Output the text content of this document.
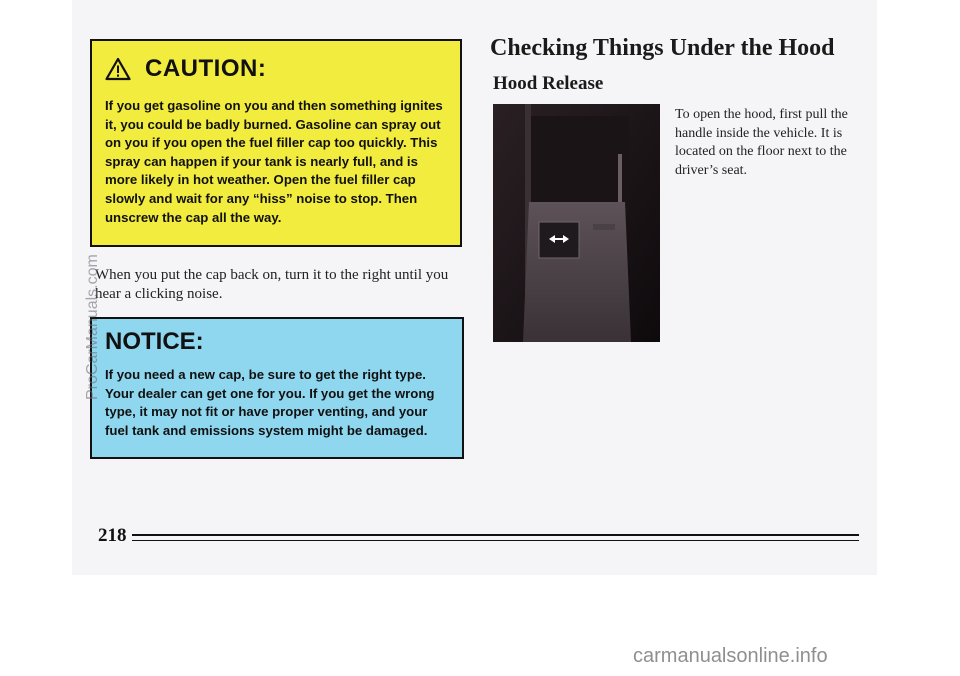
CAUTION:

If you get gasoline on you and then something ignites it, you could be badly burned. Gasoline can spray out on you if you open the fuel filler cap too quickly. This spray can happen if your tank is nearly full, and is more likely in hot weather. Open the fuel filler cap slowly and wait for any “hiss” noise to stop. Then unscrew the cap all the way.

When you put the cap back on, turn it to the right until you hear a clicking noise.

NOTICE:

If you need a new cap, be sure to get the right type. Your dealer can get one for you. If you get the wrong type, it may not fit or have proper venting, and your fuel tank and emissions system might be damaged.

Checking Things Under the Hood
Hood Release

To open the hood, first pull the handle inside the vehicle. It is located on the floor next to the driver’s seat.

218
ProCarManuals.com
carmanualsonline.info
